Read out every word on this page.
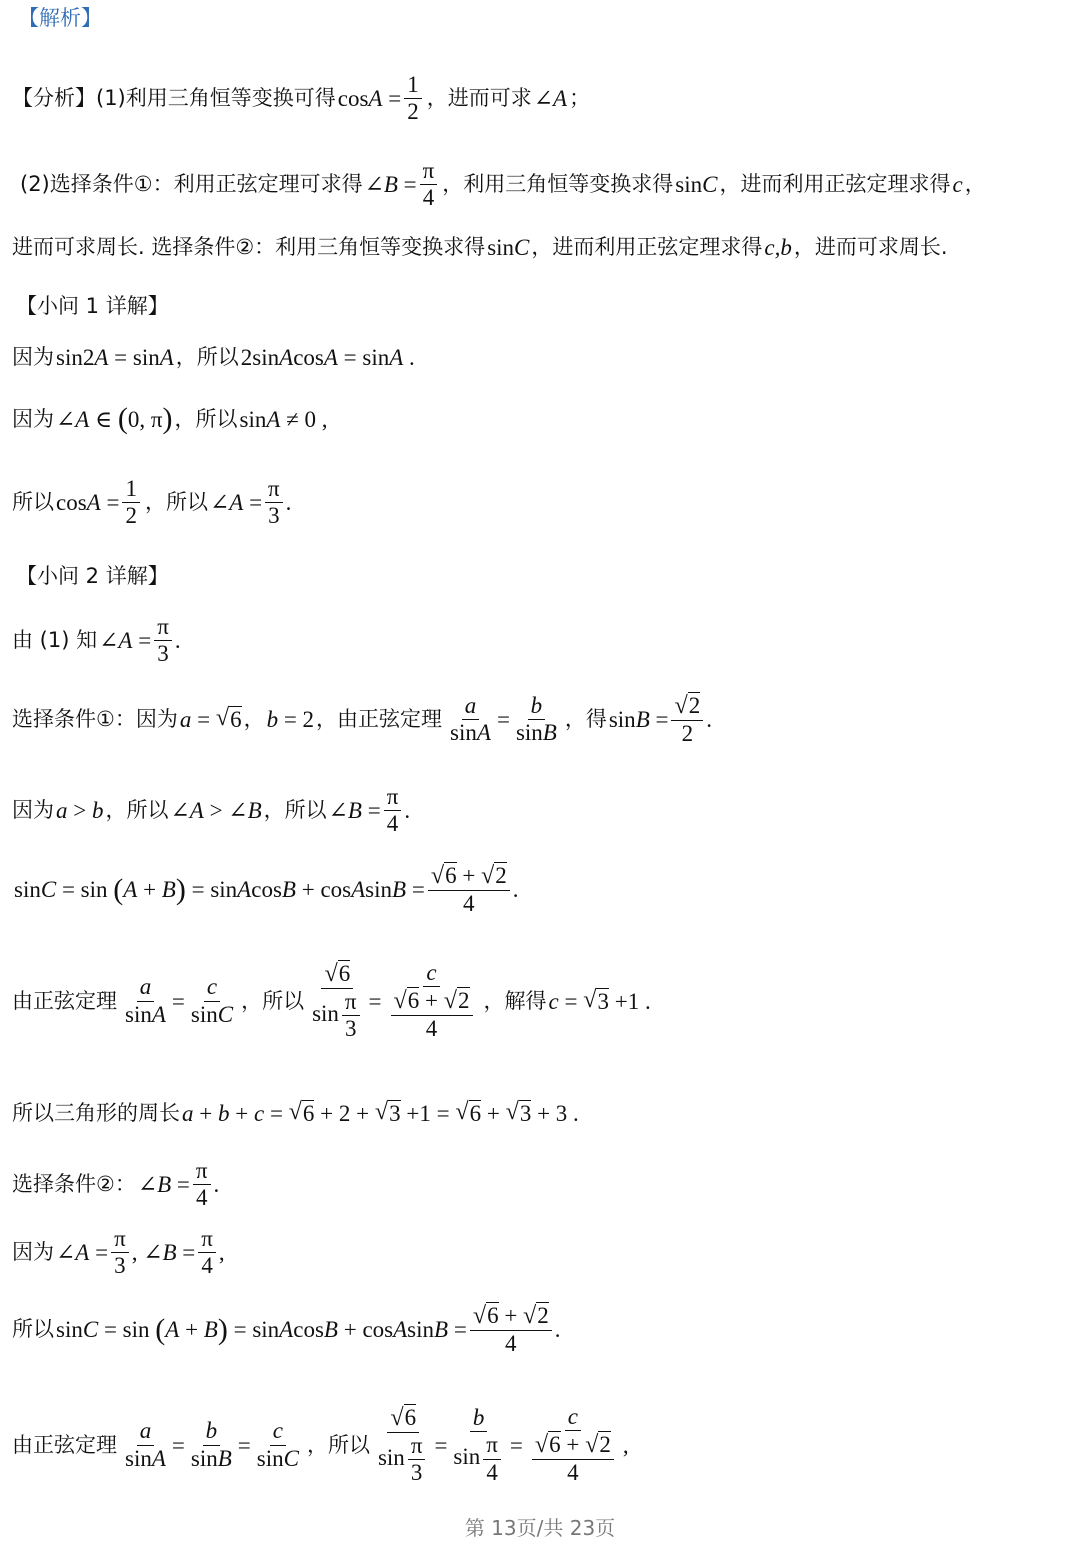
【解析】
【分析】(1)利用三角恒等变换可得 $\cos A = \frac{1}{2}$ ，进而可求 ∠ A ；
(2)选择条件①：利用正弦定理可求得 ∠ $B = \frac{\pi}{4}$ ，利用三角恒等变换求得 sin C ，进而利用正弦定理求得 c ，
进而可求周长. 选择条件②：利用三角恒等变换求得 sin C ，进而利用正弦定理求得 c,b ，进而可求周长.
【小问 1 详解】
因为 sin2 A = sin A ，所以 2sin A cos A = sin A .
因为 ∠ A ∈ ( 0, π ) ，所以 sin A ≠ 0 ,
所以 $\cos A = \frac{1}{2}$ ，所以 ∠ $A = \frac{\pi}{3}$ .
【小问 2 详解】
由 (1) 知 ∠ $A = \frac{\pi}{3}$ .
选择条件①：因为 a = √ 6 ， b = 2 ，由正弦定理 $\frac{a}{\sin A} = \frac{b}{\sin B}$ ，得 $\sin B = \frac{√ 2}{2}$ .
因为 a > b ，所以 ∠ A > ∠ B ，所以 ∠ $B = \frac{\pi}{4}$ .
sin C = sin ( A + B ) = sin A cos B + cos A $\sin B = \frac{√ 6 + √ 2}{4}$ .
由正弦定理 $\frac{a}{\sin A} = \frac{c}{\sin C}$ ，所以 $\frac{√ 6}{\sin \frac{\pi}{3}} = \frac{c}{\frac{√ 6 + √ 2}{4}}$ ，解得 c = √ 3 +1 .
所以三角形的周长 a + b + c = √ 6 + 2 + √ 3 +1 = √ 6 + √ 3 + 3 .
选择条件②： ∠ $B = \frac{\pi}{4}$ .
因为 ∠ $A = \frac{\pi}{3}$ , ∠ $B = \frac{\pi}{4}$ ,
所以 sin C = sin ( A + B ) = sin A cos B + cos A $\sin B = \frac{√ 6 + √ 2}{4}$ .
由正弦定理 $\frac{a}{\sin A} = \frac{b}{\sin B} = \frac{c}{\sin C}$ ，所以 $\frac{√ 6}{\sin \frac{\pi}{3}} = \frac{b}{\sin \frac{\pi}{4}} = \frac{c}{\frac{√ 6 + √ 2}{4}}$ ,
第 13页/共 23页
